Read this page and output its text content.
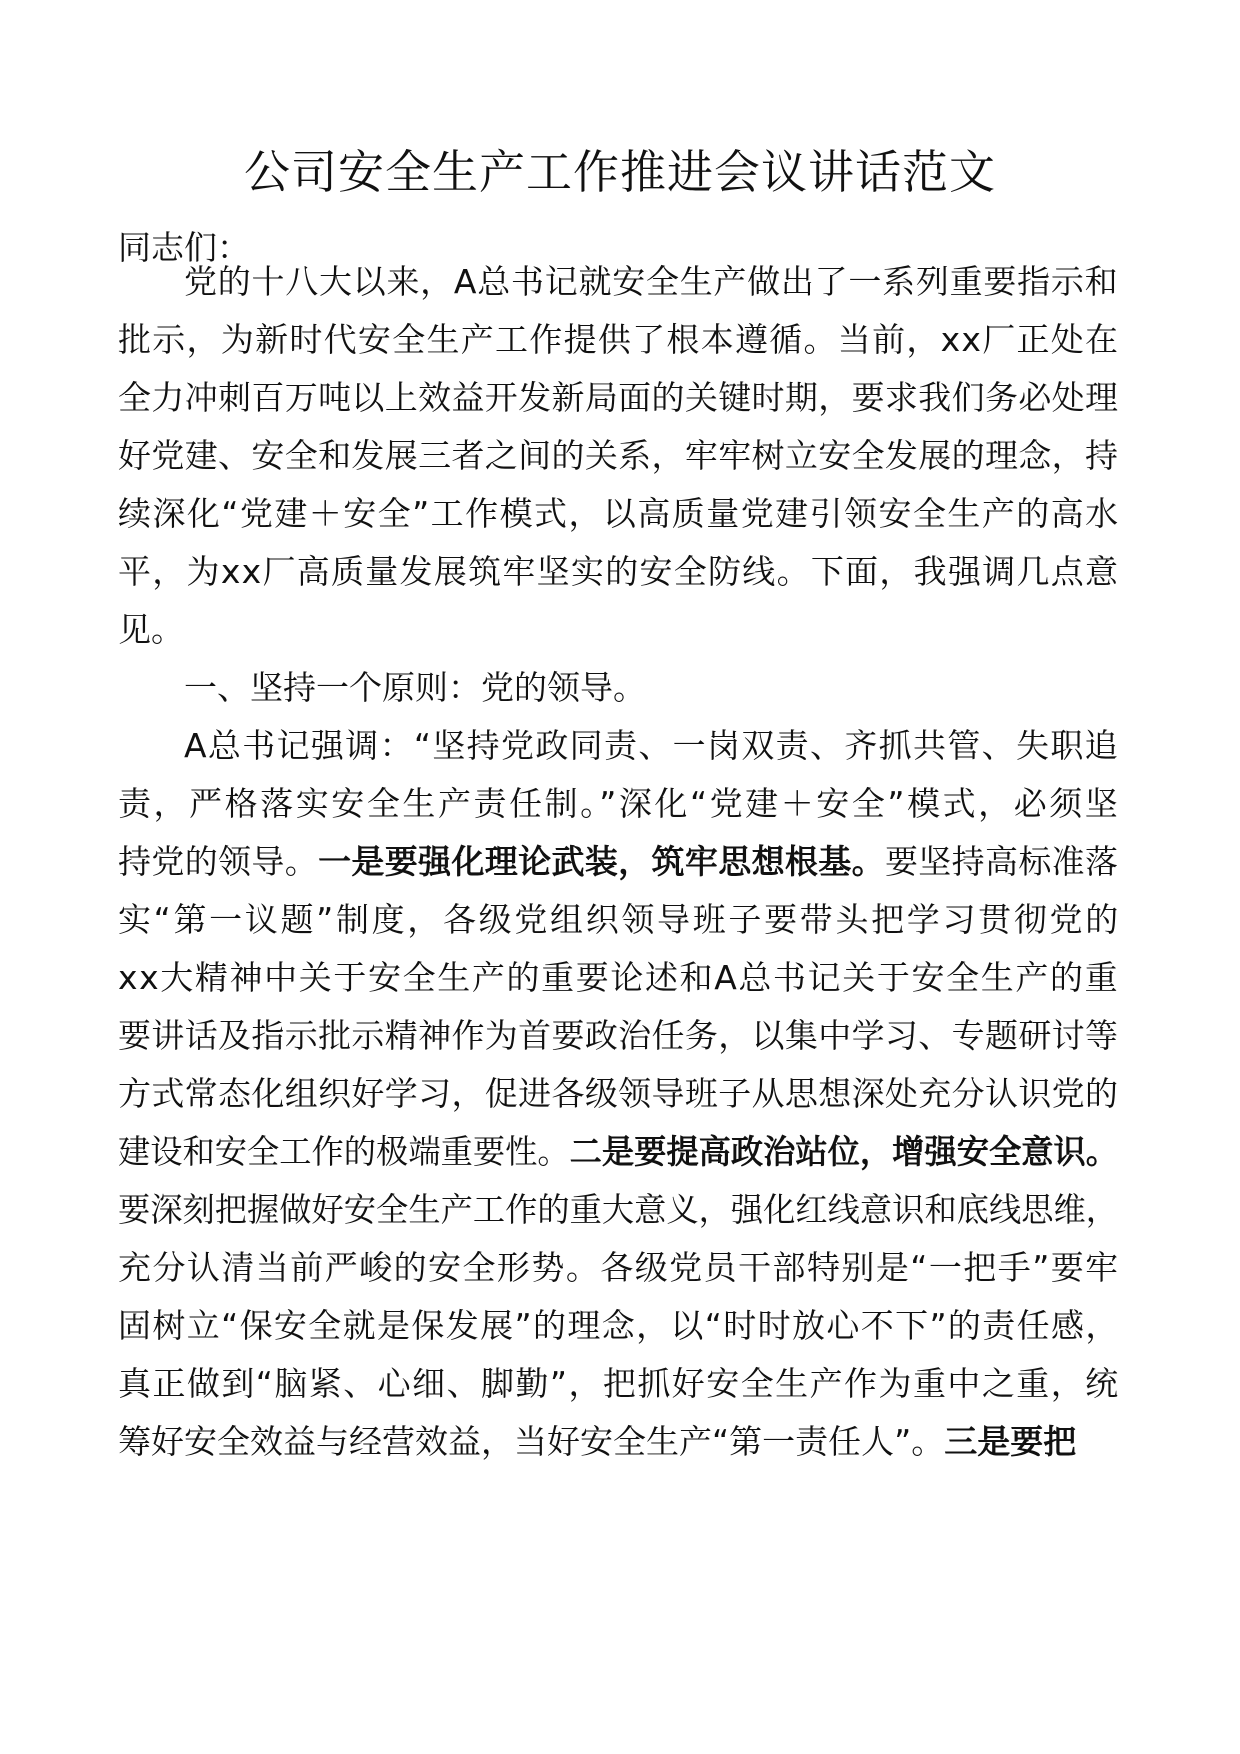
公司安全生产工作推进会议讲话范文
同志们：
党的十八大以来，A总书记就安全生产做出了一系列重要指示和
批示，为新时代安全生产工作提供了根本遵循。当前，xx厂正处在
全力冲刺百万吨以上效益开发新局面的关键时期，要求我们务必处理
好党建、安全和发展三者之间的关系，牢牢树立安全发展的理念，持
续深化“党建＋安全”工作模式，以高质量党建引领安全生产的高水
平，为xx厂高质量发展筑牢坚实的安全防线。下面，我强调几点意
见。
一、坚持一个原则：党的领导。
A总书记强调：“坚持党政同责、一岗双责、齐抓共管、失职追
责，严格落实安全生产责任制。”深化“党建＋安全”模式，必须坚
持党的领导。一是要强化理论武装，筑牢思想根基。要坚持高标准落
实“第一议题”制度，各级党组织领导班子要带头把学习贯彻党的
xx大精神中关于安全生产的重要论述和A总书记关于安全生产的重
要讲话及指示批示精神作为首要政治任务，以集中学习、专题研讨等
方式常态化组织好学习，促进各级领导班子从思想深处充分认识党的
建设和安全工作的极端重要性。二是要提高政治站位，增强安全意识。
要深刻把握做好安全生产工作的重大意义，强化红线意识和底线思维，
充分认清当前严峻的安全形势。各级党员干部特别是“一把手”要牢
固树立“保安全就是保发展”的理念，以“时时放心不下”的责任感，
真正做到“脑紧、心细、脚勤”，把抓好安全生产作为重中之重，统
筹好安全效益与经营效益，当好安全生产“第一责任人”。三是要把
